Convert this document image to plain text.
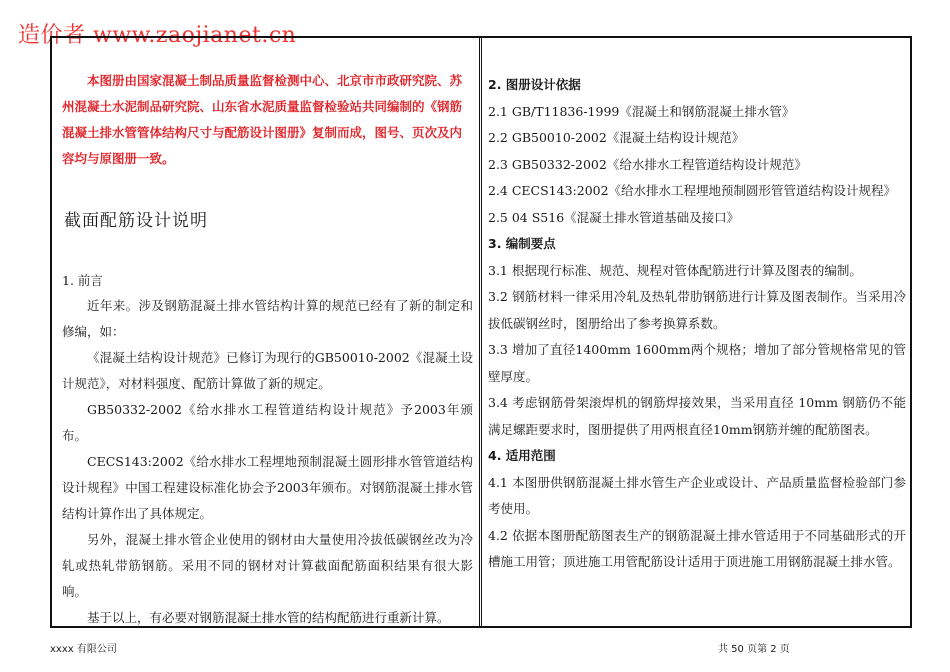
造价者 www.zaojianet.cn

本图册由国家混凝土制品质量监督检测中心、北京市市政研究院、苏州混凝土水泥制品研究院、山东省水泥质量监督检验站共同编制的《钢筋混凝土排水管管体结构尺寸与配筋设计图册》复制而成，图号、页次及内容均与原图册一致。

截面配筋设计说明
1. 前言

近年来。涉及钢筋混凝土排水管结构计算的规范已经有了新的制定和修编，如：

《混凝土结构设计规范》已修订为现行的GB50010-2002《混凝土设计规范》，对材料强度、配筋计算做了新的规定。

GB50332-2002《给水排水工程管道结构设计规范》予2003年颁布。

CECS143:2002《给水排水工程埋地预制混凝土圆形排水管管道结构设计规程》中国工程建设标准化协会予2003年颁布。对钢筋混凝土排水管结构计算作出了具体规定。

另外，混凝土排水管企业使用的钢材由大量使用冷拔低碳钢丝改为冷轧或热轧带筋钢筋。采用不同的钢材对计算截面配筋面积结果有很大影响。

基于以上，有必要对钢筋混凝土排水管的结构配筋进行重新计算。

2. 图册设计依据
2.1 GB/T11836-1999《混凝土和钢筋混凝土排水管》
2.2 GB50010-2002《混凝土结构设计规范》
2.3 GB50332-2002《给水排水工程管道结构设计规范》
2.4 CECS143:2002《给水排水工程埋地预制圆形管管道结构设计规程》
2.5 04 S516《混凝土排水管道基础及接口》
3. 编制要点

3.1 根据现行标准、规范、规程对管体配筋进行计算及图表的编制。

3.2 钢筋材料一律采用冷轧及热轧带肋钢筋进行计算及图表制作。当采用冷拔低碳钢丝时，图册给出了参考换算系数。

3.3 增加了直径1400mm 1600mm两个规格；增加了部分管规格常见的管壁厚度。

3.4 考虑钢筋骨架滚焊机的钢筋焊接效果，当采用直径 10mm 钢筋仍不能满足螺距要求时，图册提供了用两根直径10mm钢筋并缠的配筋图表。

4. 适用范围

4.1 本图册供钢筋混凝土排水管生产企业或设计、产品质量监督检验部门参考使用。

4.2 依据本图册配筋图表生产的钢筋混凝土排水管适用于不同基础形式的开槽施工用管；顶进施工用管配筋设计适用于顶进施工用钢筋混凝土排水管。

xxxx 有限公司	共 50 页第 2 页
